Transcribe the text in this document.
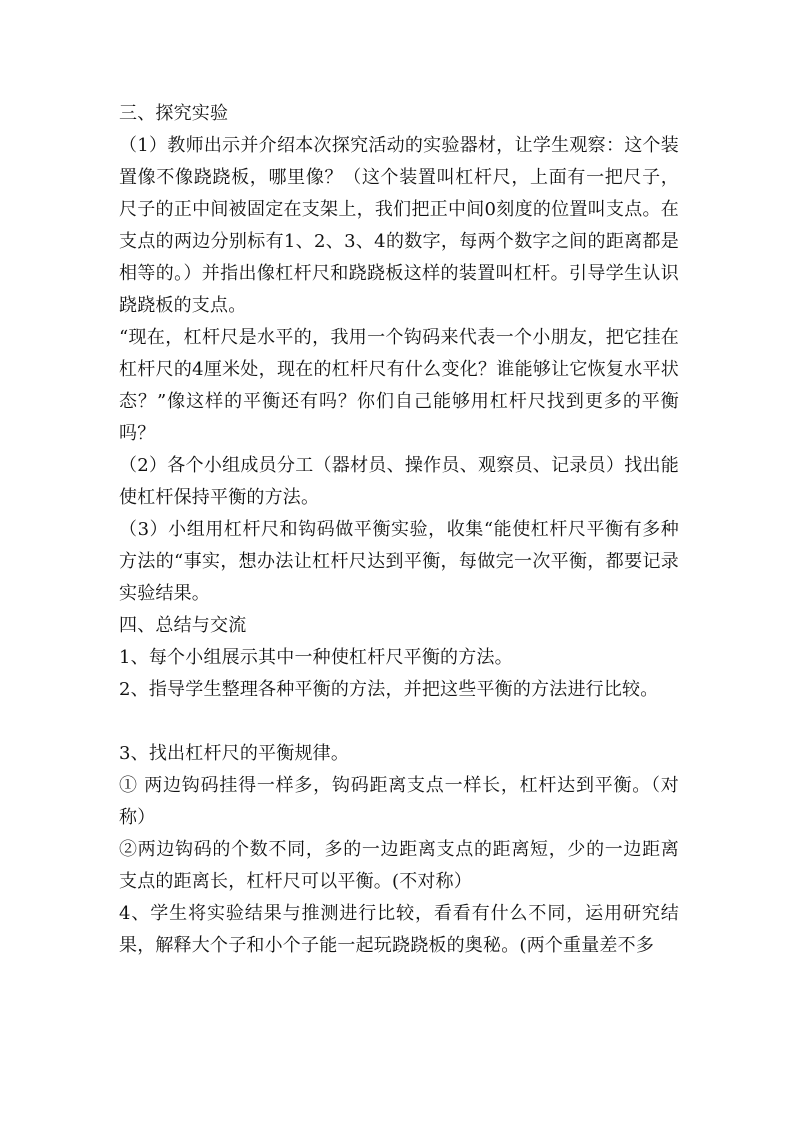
三、探究实验

（1）教师出示并介绍本次探究活动的实验器材，让学生观察：这个装置像不像跷跷板，哪里像？（这个装置叫杠杆尺，上面有一把尺子，尺子的正中间被固定在支架上，我们把正中间0刻度的位置叫支点。在支点的两边分别标有1、2、3、4的数字，每两个数字之间的距离都是相等的。）并指出像杠杆尺和跷跷板这样的装置叫杠杆。引导学生认识跷跷板的支点。

“现在，杠杆尺是水平的，我用一个钩码来代表一个小朋友，把它挂在杠杆尺的4厘米处，现在的杠杆尺有什么变化？谁能够让它恢复水平状态？”像这样的平衡还有吗？你们自己能够用杠杆尺找到更多的平衡吗？

（2）各个小组成员分工（器材员、操作员、观察员、记录员）找出能使杠杆保持平衡的方法。

（3）小组用杠杆尺和钩码做平衡实验，收集“能使杠杆尺平衡有多种方法的“事实，想办法让杠杆尺达到平衡，每做完一次平衡，都要记录实验结果。

四、总结与交流

1、每个小组展示其中一种使杠杆尺平衡的方法。

2、指导学生整理各种平衡的方法，并把这些平衡的方法进行比较。

3、找出杠杆尺的平衡规律。

① 两边钩码挂得一样多，钩码距离支点一样长，杠杆达到平衡。（对称）

②两边钩码的个数不同，多的一边距离支点的距离短，少的一边距离支点的距离长，杠杆尺可以平衡。(不对称）

4、学生将实验结果与推测进行比较，看看有什么不同，运用研究结果，解释大个子和小个子能一起玩跷跷板的奥秘。(两个重量差不多
